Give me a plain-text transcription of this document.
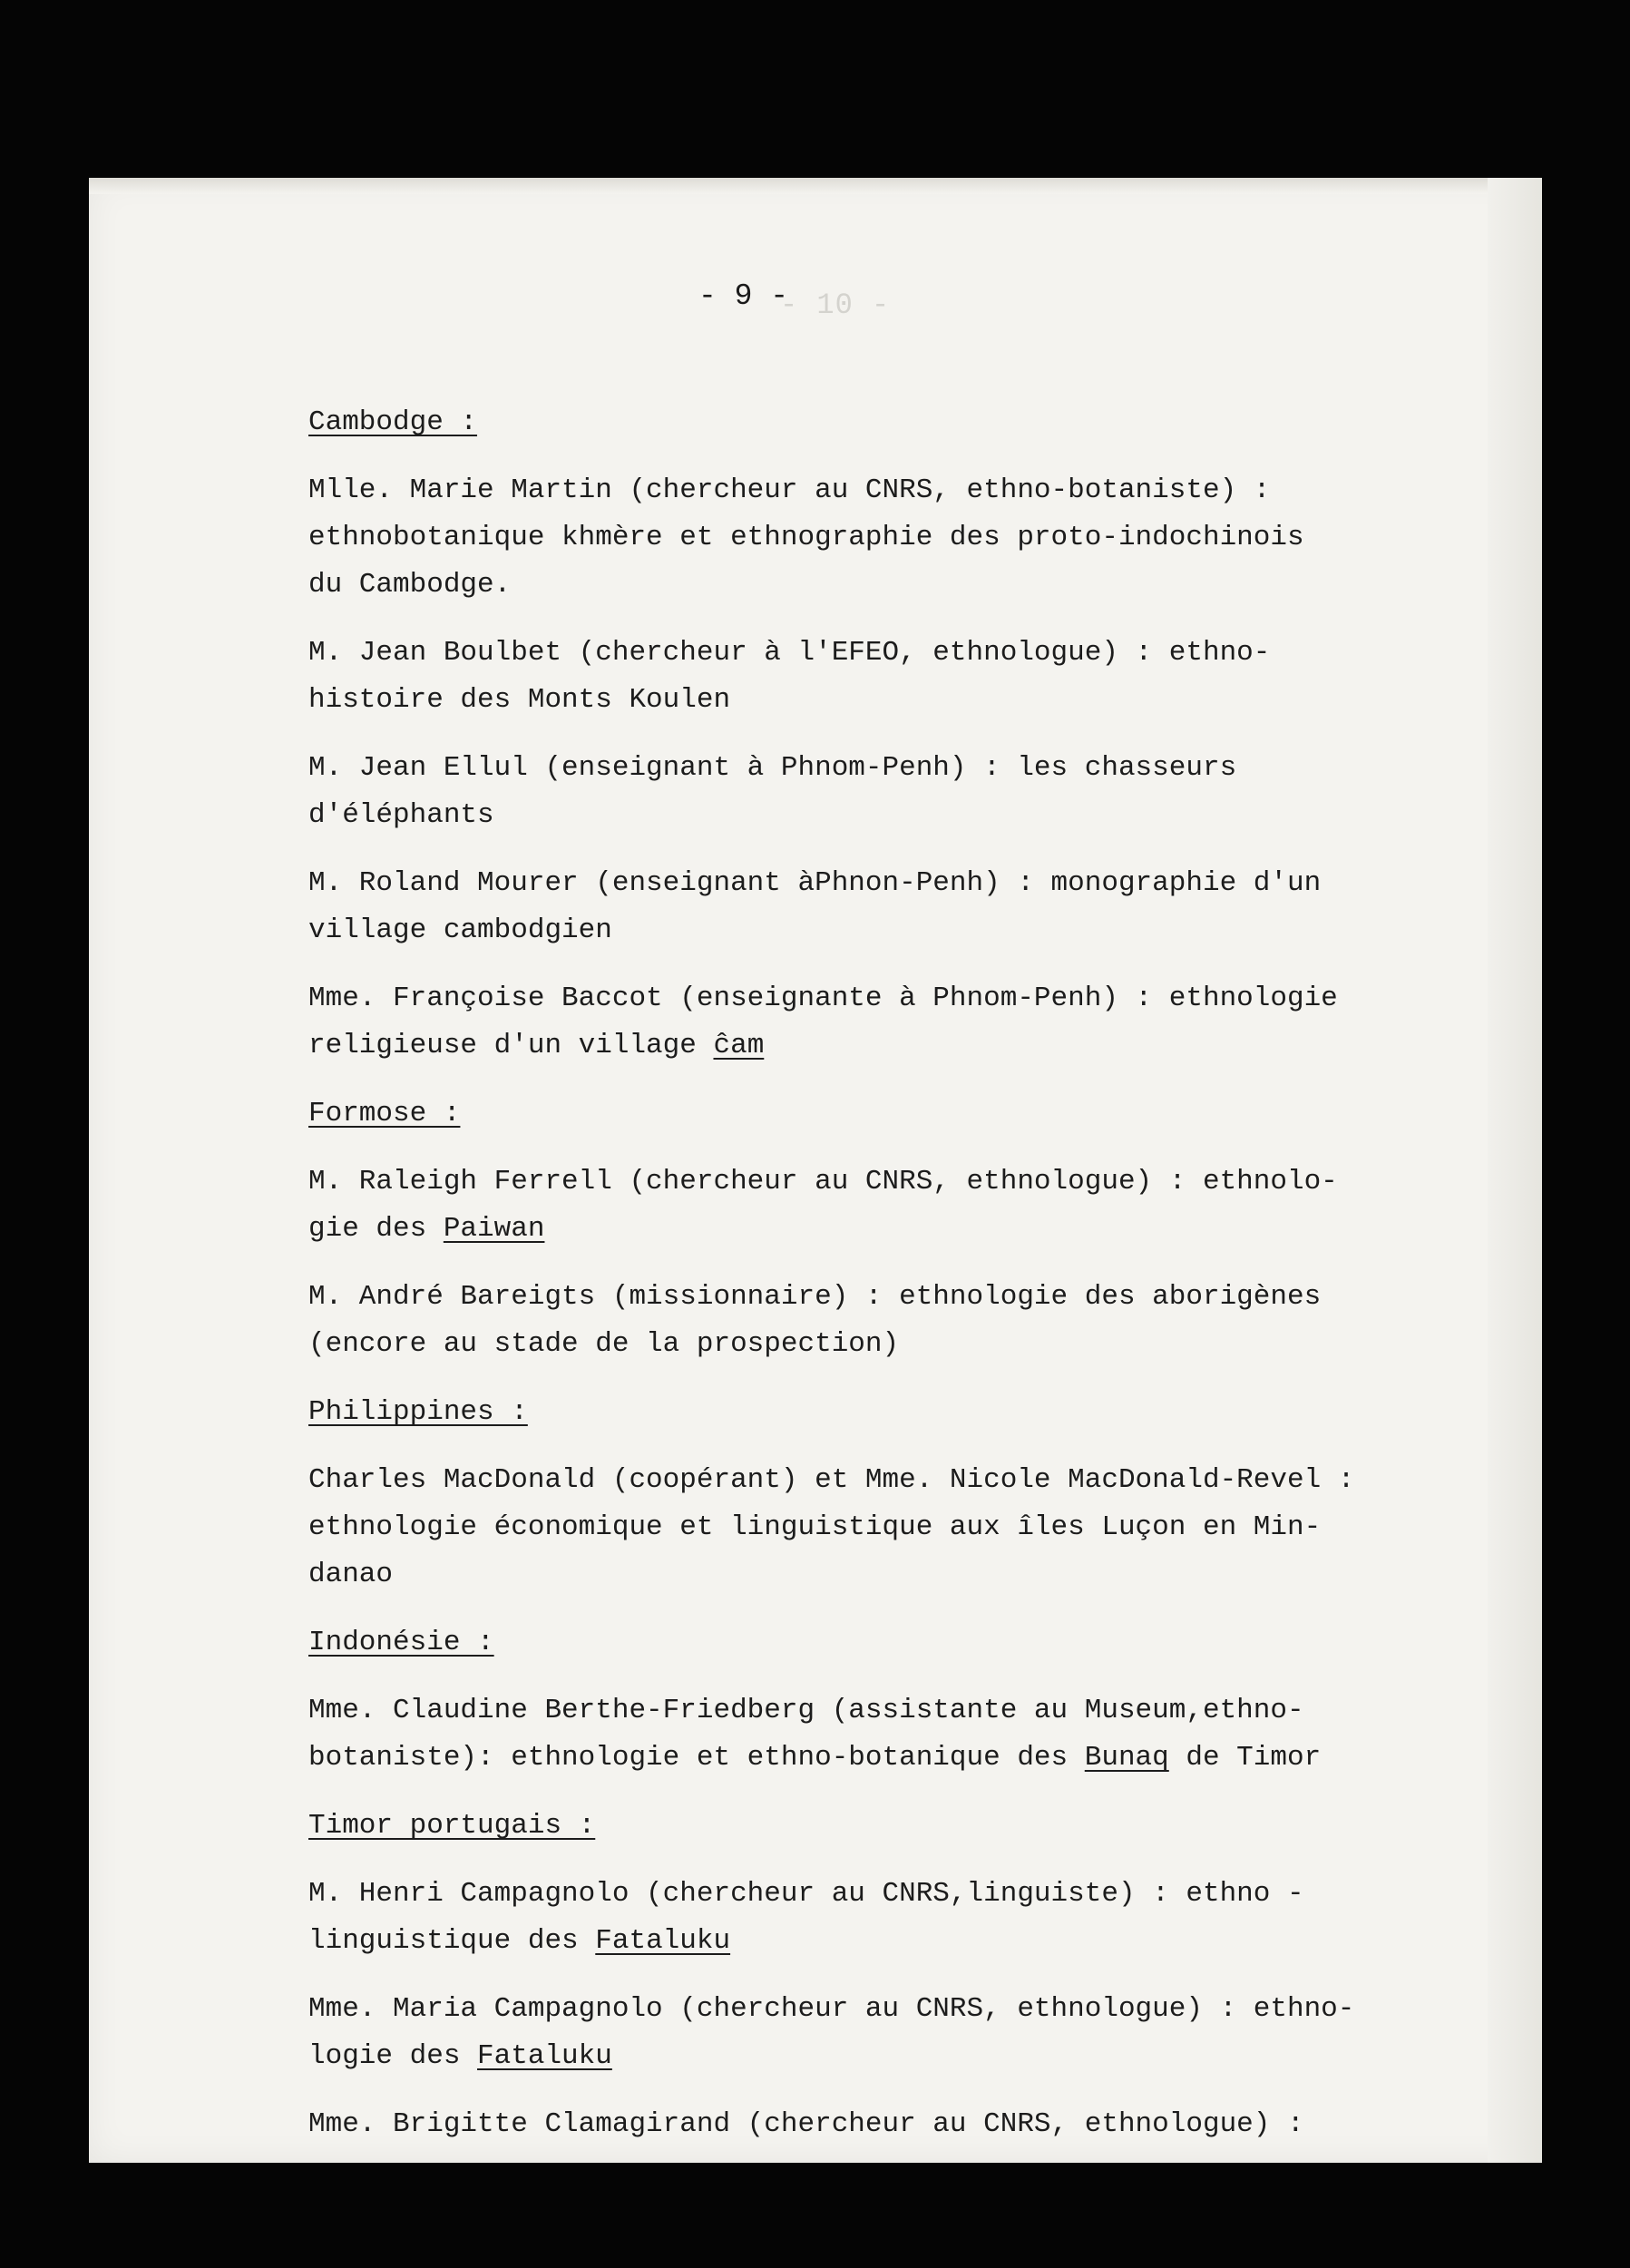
- 10 -
- 9 -

Cambodge :

Mlle. Marie Martin (chercheur au CNRS, ethno-botaniste) :
ethnobotanique khmère et ethnographie des proto-indochinois
du Cambodge.

M. Jean Boulbet (chercheur à l'EFEO, ethnologue) : ethno-
histoire des Monts Koulen

M. Jean Ellul (enseignant à Phnom-Penh) : les chasseurs
d'éléphants

M. Roland Mourer (enseignant àPhnon-Penh) : monographie d'un
village cambodgien

Mme. Françoise Baccot (enseignante à Phnom-Penh) : ethnologie
religieuse d'un village ĉam

Formose :

M. Raleigh Ferrell (chercheur au CNRS, ethnologue) : ethnolo-
gie des Paiwan

M. André Bareigts (missionnaire) : ethnologie des aborigènes
(encore au stade de la prospection)

Philippines :

Charles MacDonald (coopérant) et Mme. Nicole MacDonald-Revel :
ethnologie économique et linguistique aux îles Luçon en Min-
danao

Indonésie :

Mme. Claudine Berthe-Friedberg (assistante au Museum,ethno-
botaniste): ethnologie et ethno-botanique des Bunaq de Timor

Timor portugais :

M. Henri Campagnolo (chercheur au CNRS,linguiste) : ethno -
linguistique des Fataluku

Mme. Maria Campagnolo (chercheur au CNRS, ethnologue) : ethno-
logie des Fataluku

Mme. Brigitte Clamagirand (chercheur au CNRS, ethnologue) :
